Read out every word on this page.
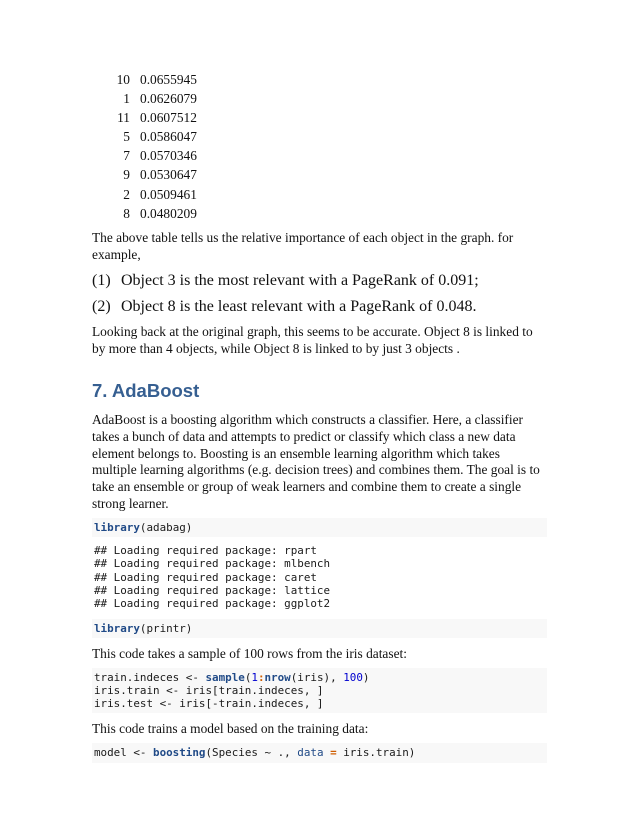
10	0.0655945
1	0.0626079
11	0.0607512
5	0.0586047
7	0.0570346
9	0.0530647
2	0.0509461
8	0.0480209

The above table tells us the relative importance of each object in the graph. for example,

(1) Object 3 is the most relevant with a PageRank of 0.091;
(2) Object 8 is the least relevant with a PageRank of 0.048.

Looking back at the original graph, this seems to be accurate. Object 8 is linked to by more than 4 objects, while Object 8 is linked to by just 3 objects .

7. AdaBoost

AdaBoost is a boosting algorithm which constructs a classifier. Here, a classifier takes a bunch of data and attempts to predict or classify which class a new data element belongs to. Boosting is an ensemble learning algorithm which takes multiple learning algorithms (e.g. decision trees) and combines them. The goal is to take an ensemble or group of weak learners and combine them to create a single strong learner.

library(adabag)
## Loading required package: rpart
## Loading required package: mlbench
## Loading required package: caret
## Loading required package: lattice
## Loading required package: ggplot2
library(printr)

This code takes a sample of 100 rows from the iris dataset:

train.indeces <- sample(1:nrow(iris), 100)
iris.train <- iris[train.indeces, ]
iris.test <- iris[-train.indeces, ]

This code trains a model based on the training data:

model <- boosting(Species ~ ., data = iris.train)
